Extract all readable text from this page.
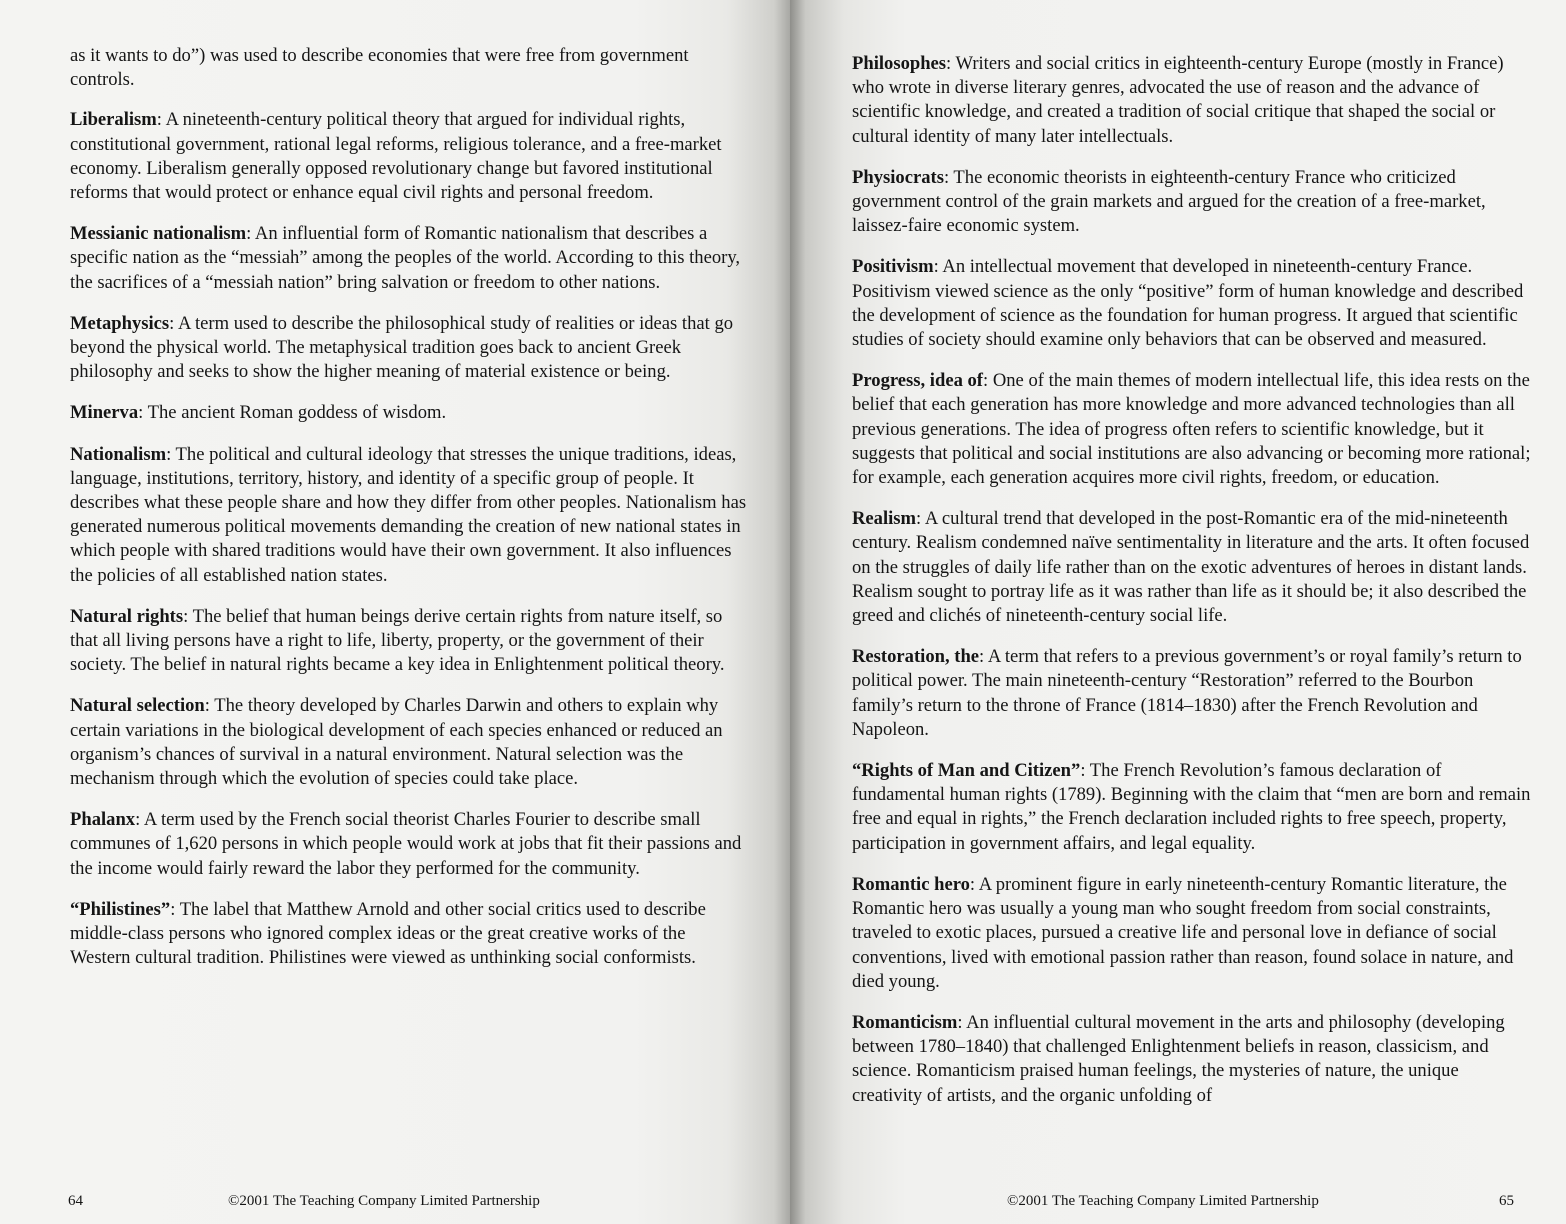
as it wants to do”) was used to describe economies that were free from government controls.

Liberalism: A nineteenth-century political theory that argued for individual rights, constitutional government, rational legal reforms, religious tolerance, and a free-market economy. Liberalism generally opposed revolutionary change but favored institutional reforms that would protect or enhance equal civil rights and personal freedom.

Messianic nationalism: An influential form of Romantic nationalism that describes a specific nation as the “messiah” among the peoples of the world. According to this theory, the sacrifices of a “messiah nation” bring salvation or freedom to other nations.

Metaphysics: A term used to describe the philosophical study of realities or ideas that go beyond the physical world. The metaphysical tradition goes back to ancient Greek philosophy and seeks to show the higher meaning of material existence or being.

Minerva: The ancient Roman goddess of wisdom.

Nationalism: The political and cultural ideology that stresses the unique traditions, ideas, language, institutions, territory, history, and identity of a specific group of people. It describes what these people share and how they differ from other peoples. Nationalism has generated numerous political movements demanding the creation of new national states in which people with shared traditions would have their own government. It also influences the policies of all established nation states.

Natural rights: The belief that human beings derive certain rights from nature itself, so that all living persons have a right to life, liberty, property, or the government of their society. The belief in natural rights became a key idea in Enlightenment political theory.

Natural selection: The theory developed by Charles Darwin and others to explain why certain variations in the biological development of each species enhanced or reduced an organism’s chances of survival in a natural environment. Natural selection was the mechanism through which the evolution of species could take place.

Phalanx: A term used by the French social theorist Charles Fourier to describe small communes of 1,620 persons in which people would work at jobs that fit their passions and the income would fairly reward the labor they performed for the community.

“Philistines”: The label that Matthew Arnold and other social critics used to describe middle-class persons who ignored complex ideas or the great creative works of the Western cultural tradition. Philistines were viewed as unthinking social conformists.

64	©2001 The Teaching Company Limited Partnership

Philosophes: Writers and social critics in eighteenth-century Europe (mostly in France) who wrote in diverse literary genres, advocated the use of reason and the advance of scientific knowledge, and created a tradition of social critique that shaped the social or cultural identity of many later intellectuals.

Physiocrats: The economic theorists in eighteenth-century France who criticized government control of the grain markets and argued for the creation of a free-market, laissez-faire economic system.

Positivism: An intellectual movement that developed in nineteenth-century France. Positivism viewed science as the only “positive” form of human knowledge and described the development of science as the foundation for human progress. It argued that scientific studies of society should examine only behaviors that can be observed and measured.

Progress, idea of: One of the main themes of modern intellectual life, this idea rests on the belief that each generation has more knowledge and more advanced technologies than all previous generations. The idea of progress often refers to scientific knowledge, but it suggests that political and social institutions are also advancing or becoming more rational; for example, each generation acquires more civil rights, freedom, or education.

Realism: A cultural trend that developed in the post-Romantic era of the mid-nineteenth century. Realism condemned naïve sentimentality in literature and the arts. It often focused on the struggles of daily life rather than on the exotic adventures of heroes in distant lands. Realism sought to portray life as it was rather than life as it should be; it also described the greed and clichés of nineteenth-century social life.

Restoration, the: A term that refers to a previous government’s or royal family’s return to political power. The main nineteenth-century “Restoration” referred to the Bourbon family’s return to the throne of France (1814–1830) after the French Revolution and Napoleon.

“Rights of Man and Citizen”: The French Revolution’s famous declaration of fundamental human rights (1789). Beginning with the claim that “men are born and remain free and equal in rights,” the French declaration included rights to free speech, property, participation in government affairs, and legal equality.

Romantic hero: A prominent figure in early nineteenth-century Romantic literature, the Romantic hero was usually a young man who sought freedom from social constraints, traveled to exotic places, pursued a creative life and personal love in defiance of social conventions, lived with emotional passion rather than reason, found solace in nature, and died young.

Romanticism: An influential cultural movement in the arts and philosophy (developing between 1780–1840) that challenged Enlightenment beliefs in reason, classicism, and science. Romanticism praised human feelings, the mysteries of nature, the unique creativity of artists, and the organic unfolding of

©2001 The Teaching Company Limited Partnership	65
